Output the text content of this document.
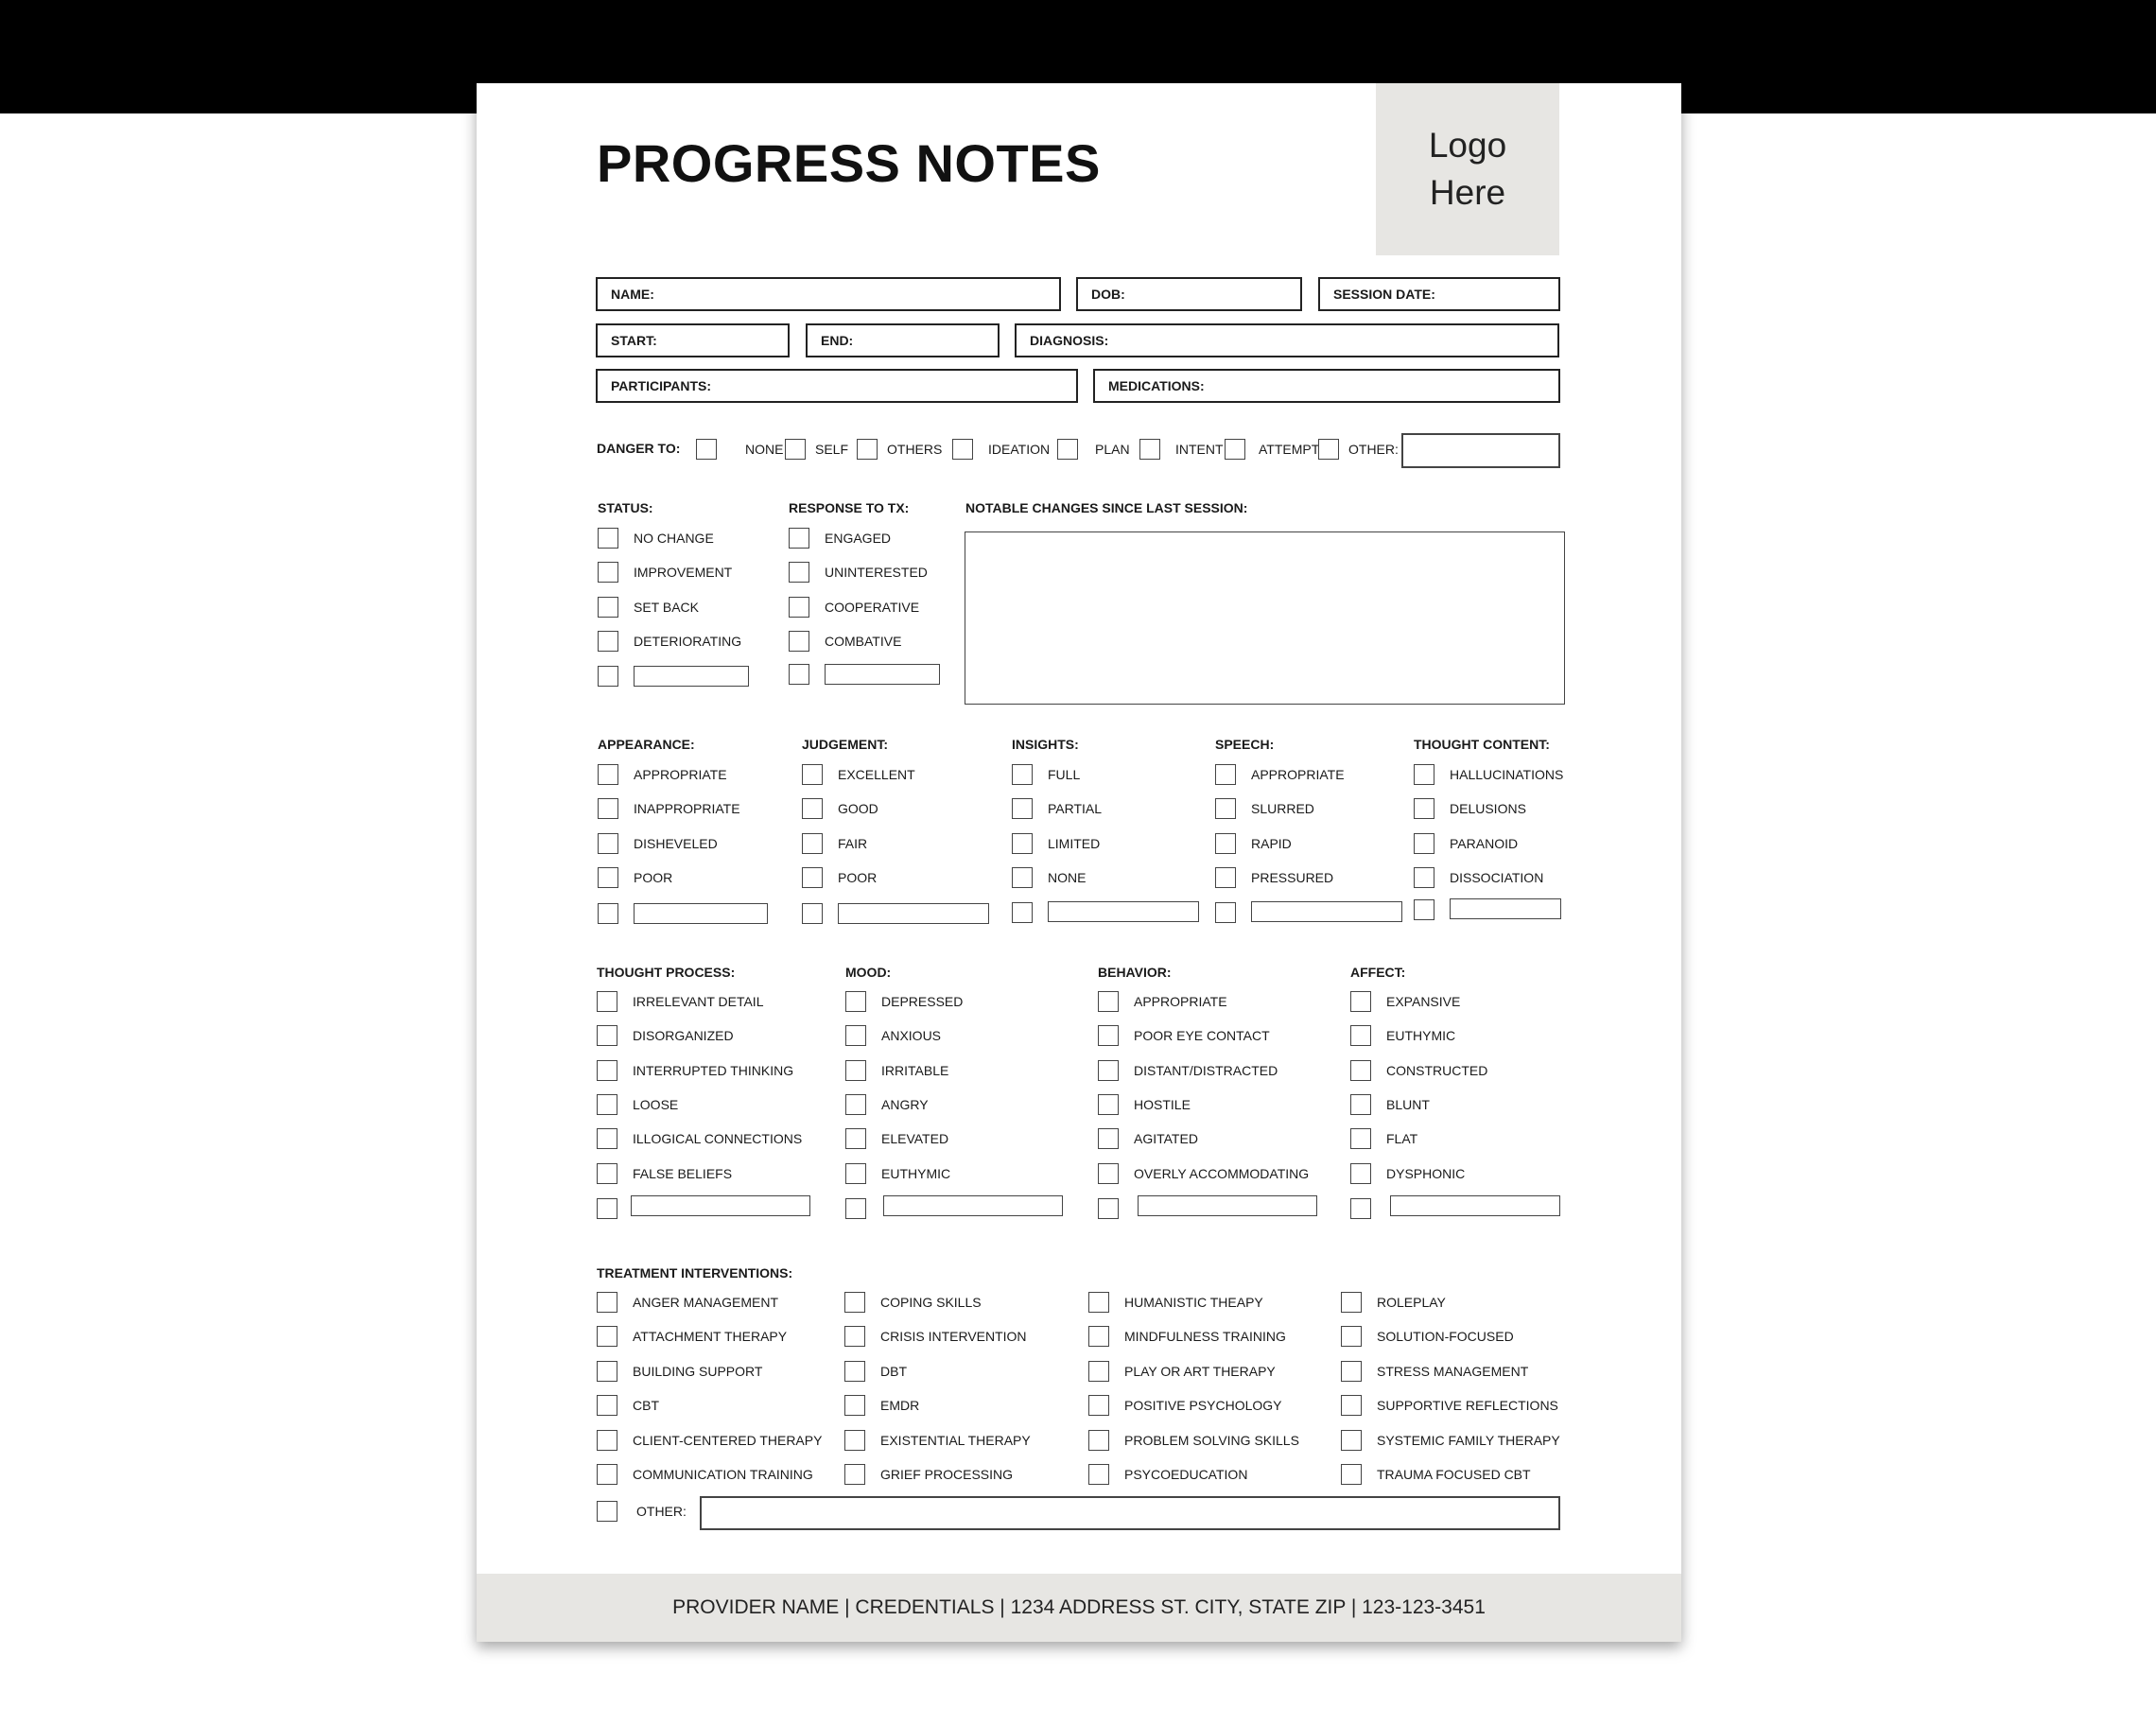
PROGRESS NOTES	Logo Here
NAME:	DOB:	SESSION DATE:
START:	END:	DIAGNOSIS:
PARTICIPANTS:	MEDICATIONS:
DANGER TO:	NONE SELF	OTHERS	IDEATION	PLAN	INTENT	ATTEMPT OTHER:
STATUS:
NO CHANGE
IMPROVEMENT
SET BACK
DETERIORATING
RESPONSE TO TX:
ENGAGED
UNINTERESTED
COOPERATIVE
COMBATIVE
NOTABLE CHANGES SINCE LAST SESSION:
APPEARANCE:
APPROPRIATE
INAPPROPRIATE
DISHEVELED
POOR
JUDGEMENT:
EXCELLENT
GOOD
FAIR
POOR
INSIGHTS:
FULL
PARTIAL
LIMITED
NONE
SPEECH:
APPROPRIATE
SLURRED
RAPID
PRESSURED
THOUGHT CONTENT:
HALLUCINATIONS
DELUSIONS
PARANOID
DISSOCIATION
THOUGHT PROCESS:
IRRELEVANT DETAIL
DISORGANIZED
INTERRUPTED THINKING
LOOSE
ILLOGICAL CONNECTIONS
FALSE BELIEFS
MOOD:
DEPRESSED
ANXIOUS
IRRITABLE
ANGRY
ELEVATED
EUTHYMIC
BEHAVIOR:
APPROPRIATE
POOR EYE CONTACT
DISTANT/DISTRACTED
HOSTILE
AGITATED
OVERLY ACCOMMODATING
AFFECT:
EXPANSIVE
EUTHYMIC
CONSTRUCTED
BLUNT
FLAT
DYSPHONIC
TREATMENT INTERVENTIONS:
ANGER MANAGEMENT
ATTACHMENT THERAPY
BUILDING SUPPORT
CBT
CLIENT-CENTERED THERAPY
COMMUNICATION TRAINING
COPING SKILLS
CRISIS INTERVENTION
DBT
EMDR
EXISTENTIAL THERAPY
GRIEF PROCESSING
HUMANISTIC THEAPY
MINDFULNESS TRAINING
PLAY OR ART THERAPY
POSITIVE PSYCHOLOGY
PROBLEM SOLVING SKILLS
PSYCOEDUCATION
ROLEPLAY
SOLUTION-FOCUSED
STRESS MANAGEMENT
SUPPORTIVE REFLECTIONS
SYSTEMIC FAMILY THERAPY
TRAUMA FOCUSED CBT
OTHER:
PROVIDER NAME | CREDENTIALS | 1234 ADDRESS ST. CITY, STATE ZIP | 123-123-3451
